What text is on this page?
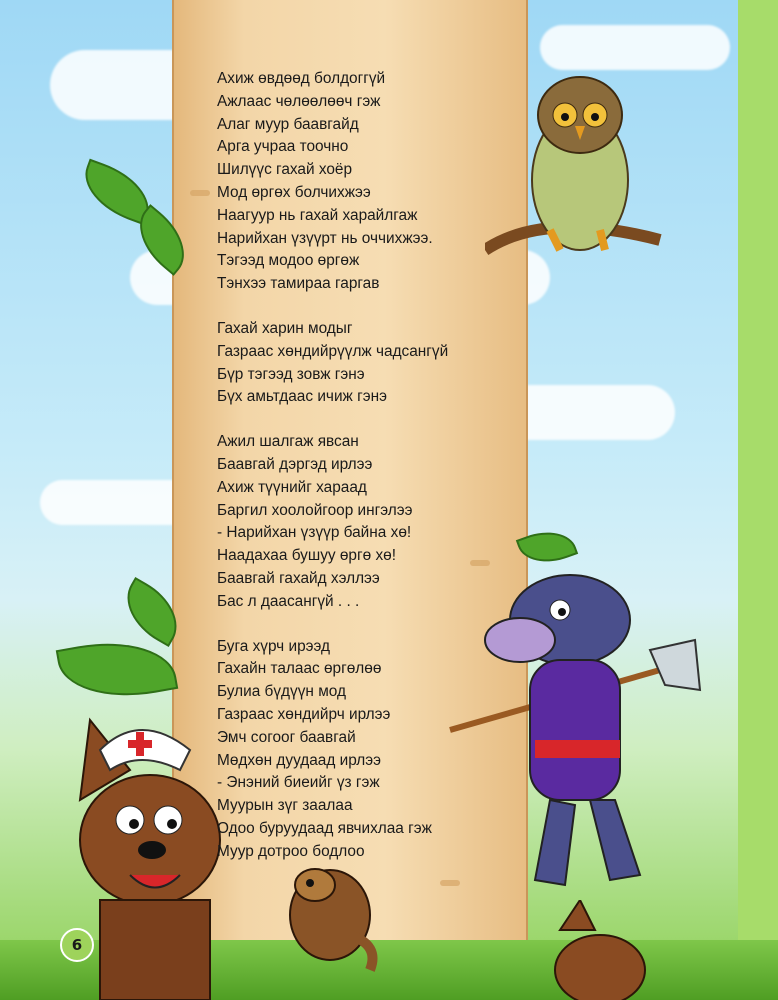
Ахиж өвдөөд болдоггүй
Ажлаас чөлөөлөөч гэж
Алаг муур баавгайд
Арга учраа тоочно
Шилүүс гахай хоёр
Мод өргөх болчихжээ
Наагуур нь гахай харайлгаж
Нарийхан үзүүрт нь оччихжээ.
Тэгээд модоо өргөж
Тэнхээ тамираа гаргав
Гахай харин модыг
Газраас хөндийрүүлж чадсангүй
Бүр тэгээд зовж гэнэ
Бүх амьтдаас ичиж гэнэ
Ажил шалгаж явсан
Баавгай дэргэд ирлээ
Ахиж түүнийг хараад
Баргил хоолойгоор ингэлээ
- Нарийхан үзүүр байна хө!
Наадахаа бушуу өргө хө!
Баавгай гахайд хэллээ
Бас л даасангүй . . .
Буга хүрч ирээд
Гахайн талаас өргөлөө
Булиа бүдүүн мод
Газраас хөндийрч ирлээ
Эмч согоог баавгай
Мөдхөн дуудаад ирлээ
- Энэний биеийг үз гэж
Муурын зүг заалаа
Одоо буруудаад явчихлаа гэж
Муур дотроо бодлоо
6
